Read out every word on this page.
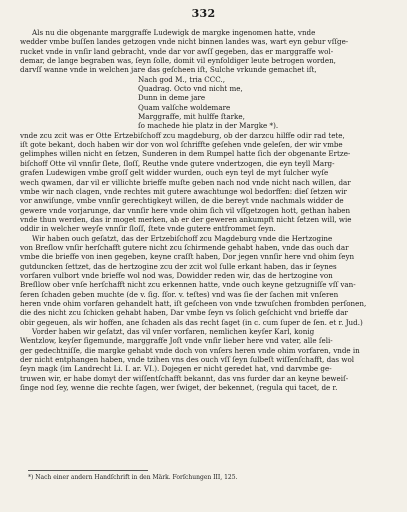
332
Als nu die obgenante marggraffe Ludewigk de margke ingenomen hatte, vnde
wedder vmbe buſſen landes getzogen vnde nicht binnen landes was, wart eyn gebur vſſge-
rucket vnde in vnſir land gebracht, vnde dar vor awſſ gegeben, das er marggraffe wol-
demar, de lange begraben was, ſeyn ſolle, domit vil eynfoldiger leute betrogen worden,
darvſſ wanne vnde in welchen jare das geſcheen iſt, Sulche vrkunde gemachet iſt,
Nach god M., tria CCC.,
Quadrag. Octo vnd nicht me,
Dunn in deme jare
Quam valſche woldemare
Marggraffe, mit hulffe ſtarke,
ſo machede hie platz in der Margke *).
vnde zcu zcit was er Otte Ertzebiſchoff zcu magdeburg, ob der darzcu hilffe odir rad tete,
iſt gote bekant, doch haben wir dor von wol ſchriffte geſehen vnde geleſen, der wir vmbe
gelimphes willen nicht en ſetzen, Sunderen in dem Rumpel hatte ſich der obgenante Ertze-
biſchoff Otte vil vnnſir ſlete, ſloſſ, Reuthe vnde gutere vndertzogen, die eyn teyll Marg-
grafen Ludewigen vmbe groſſ gelt widder wurden, ouch eyn teyl de myt ſulcher wyſe
wech qwamen, dar vil er villichte brieffe muſte geben nach nod vnde nicht nach willen, dar
vmbe wir nach clagen, vnde rechtes mit gutere awachtunge wol bedorffen: dieſ ſetzen wir
vor anwiſunge, vmbe vnnſir gerechtigkeyt willen, de die bereyt vnde nachmals widder de
gewere vnde vorjarunge, dar vnnſir here vnde ohim ſich vil vſſgetzogen hott, gethan haben
vnde thun werden, das ir moget merken, ab er der geweren ankumpft nicht ſetzen will, wie
oddir in welcher weyſe vnnſir ſloſſ, ſtete vnde gutere entfrommet ſeyn.
Wir haben ouch geſatzt, das der Ertzebiſchoff zcu Magdeburg vnde die Hertzogine
von Breſlow vnſir herſchafft gutere nicht zcu ſchirmende gehabt haben, vnde das ouch dar
vmbe die brieffe von inen gegeben, keyne craſſt haben, Dor jegen vnnſir here vnd ohim ſeyn
gutduncken ſettzet, das de hertzogine zcu der zcit wol ſulle erkant haben, das ir ſeynes
vorfaren vulbort vnde brieffe wol nod was, Dowidder reden wir, das de hertzogine von
Breſllow ober vnſe herſchafft nicht zcu erkennen hatte, vnde ouch keyne getzugniſſe vſſ van-
ſeren ſchaden geben muchte (de v. ſig. ſſor. v. teſtes) vnd was ſie der ſachen mit vnſeren
heren vnde ohim vorfaren gehandelt hatt, iſt geſcheen von vnde tzwuſchen frombden perſonen,
die des nicht zcu ſchicken gehabt haben, Dar vmbe ſeyn vs ſolich geſchicht vnd brieffe dar
obir gegeuen, als wir hoffen, ane ſchaden als das recht ſaget (in c. cum ſuper de ſen. et r. Jud.)
Vorder haben wir geſatzt, das vil vnſer vorfaren, nemlichen keyſer Karl, konig
Wentzlow, keyſer ſigemunde, marggraffe Joſt vnde vnſir lieber here vnd vater, alle ſeli-
ger gedechtniſſe, die margke gehabt vnde doch von vnſers heren vnde ohim vorfaren, vnde in
der nicht entphangen haben, vnde tzihen vns des ouch vſſ ſeyn ſulbeſt wiſſenſchafft, das wol
ſeyn magk (im Landrecht Li. I. ar. VI.). Dojegen er nicht geredet hat, vnd darvmbe ge-
truwen wir, er habe domyt der wiſſentſchafft bekannt, das vns furder dar an keyne beweiſ-
ſinge nod ſey, wenne die rechte ſagen, wer ſwiget, der bekennet, (regula qui tacet, de r.
*) Nach einer andern Handſchrift in den Märk. Forſchungen III, 125.
